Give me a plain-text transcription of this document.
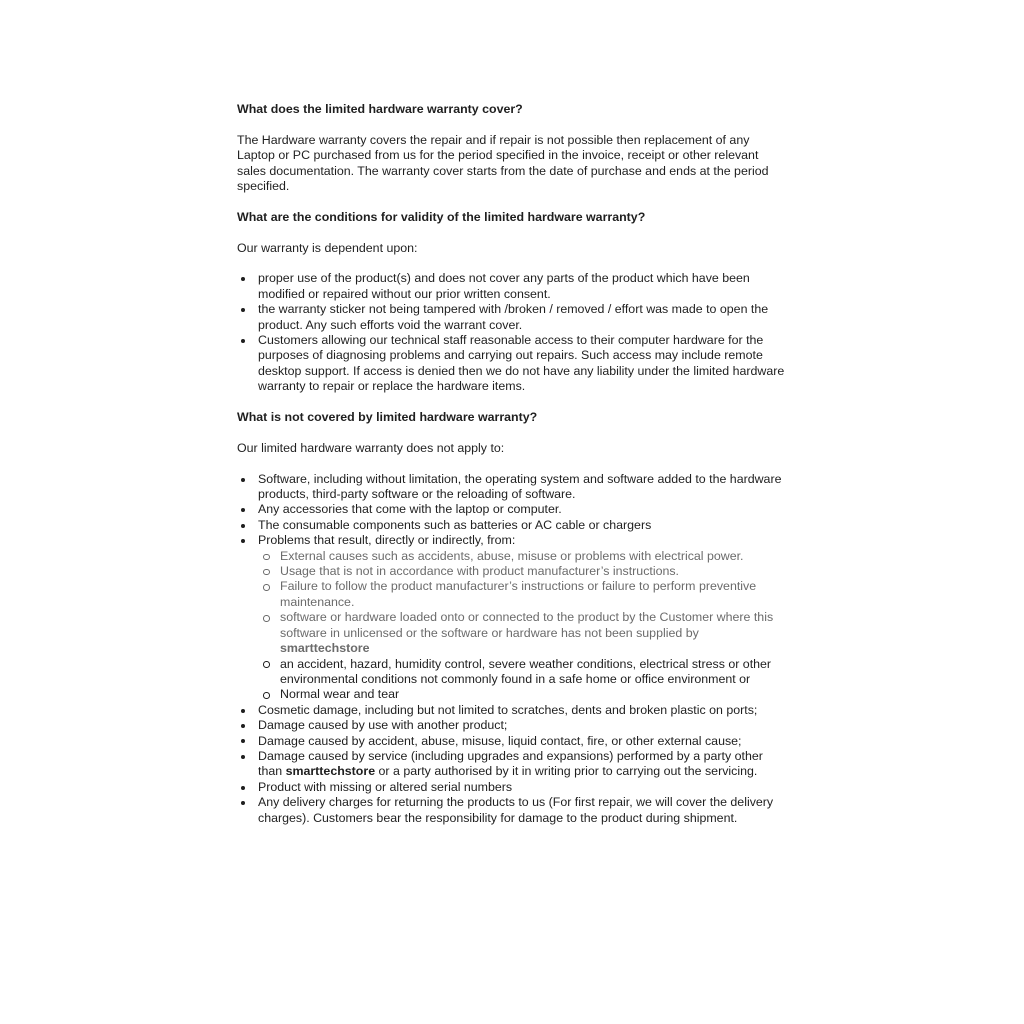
What does the limited hardware warranty cover?

The Hardware warranty covers the repair and if repair is not possible then replacement of any Laptop or PC purchased from us for the period specified in the invoice, receipt or other relevant sales documentation. The warranty cover starts from the date of purchase and ends at the period specified.

What are the conditions for validity of the limited hardware warranty?

Our warranty is dependent upon:

proper use of the product(s) and does not cover any parts of the product which have been modified or repaired without our prior written consent.
the warranty sticker not being tampered with /broken / removed / effort was made to open the product. Any such efforts void the warrant cover.
Customers allowing our technical staff reasonable access to their computer hardware for the purposes of diagnosing problems and carrying out repairs. Such access may include remote desktop support. If access is denied then we do not have any liability under the limited hardware warranty to repair or replace the hardware items.
What is not covered by limited hardware warranty?

Our limited hardware warranty does not apply to:

Software, including without limitation, the operating system and software added to the hardware products, third-party software or the reloading of software.
Any accessories that come with the laptop or computer.
The consumable components such as batteries or AC cable or chargers
Problems that result, directly or indirectly, from:
External causes such as accidents, abuse, misuse or problems with electrical power.
Usage that is not in accordance with product manufacturer’s instructions.
Failure to follow the product manufacturer’s instructions or failure to perform preventive maintenance.
software or hardware loaded onto or connected to the product by the Customer where this software in unlicensed or the software or hardware has not been supplied by smarttechstore
an accident, hazard, humidity control, severe weather conditions, electrical stress or other environmental conditions not commonly found in a safe home or office environment or
Normal wear and tear
Cosmetic damage, including but not limited to scratches, dents and broken plastic on ports;
Damage caused by use with another product;
Damage caused by accident, abuse, misuse, liquid contact, fire, or other external cause;
Damage caused by service (including upgrades and expansions) performed by a party other than smarttechstore or a party authorised by it in writing prior to carrying out the servicing.
Product with missing or altered serial numbers
Any delivery charges for returning the products to us (For first repair, we will cover the delivery charges). Customers bear the responsibility for damage to the product during shipment.
